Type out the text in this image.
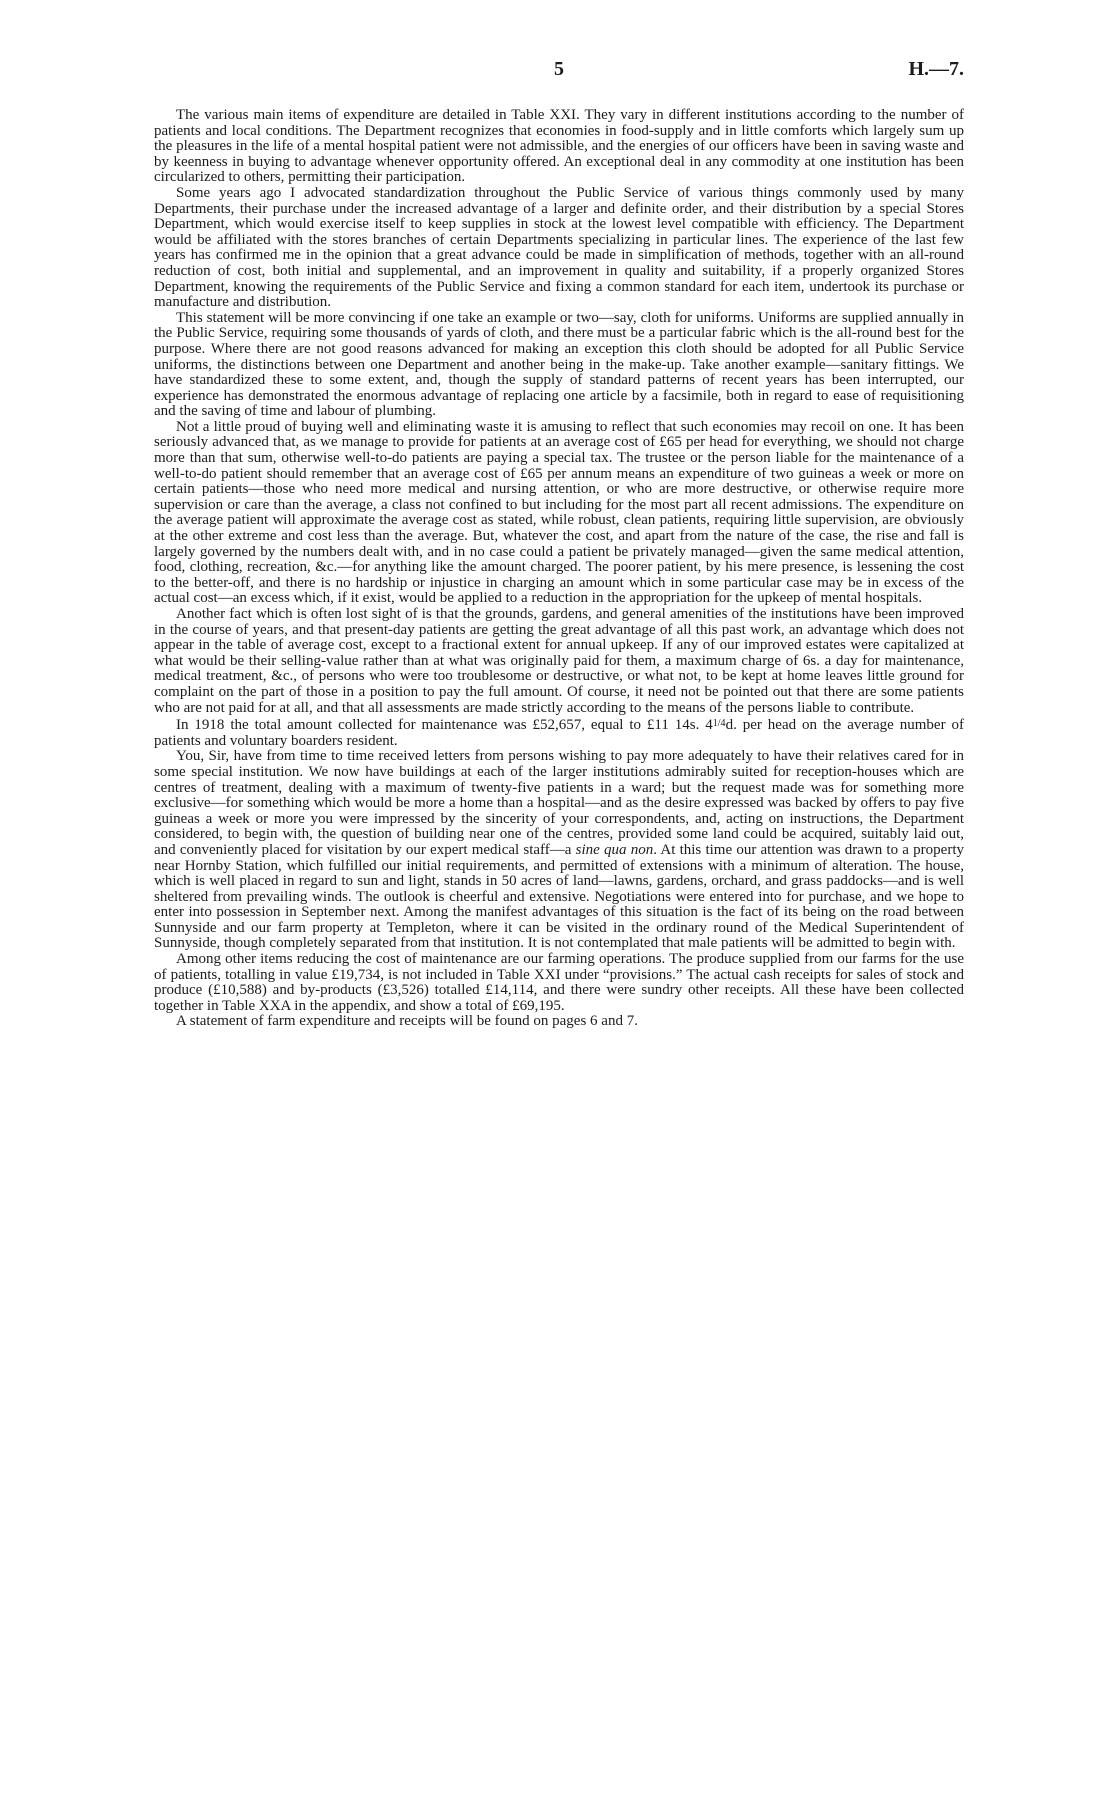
5	H.—7.

The various main items of expenditure are detailed in Table XXI. They vary in different institutions according to the number of patients and local conditions. The Department recognizes that economies in food-supply and in little comforts which largely sum up the pleasures in the life of a mental hospital patient were not admissible, and the energies of our officers have been in saving waste and by keenness in buying to advantage whenever opportunity offered. An exceptional deal in any commodity at one institution has been circularized to others, permitting their participation.

Some years ago I advocated standardization throughout the Public Service of various things commonly used by many Departments, their purchase under the increased advantage of a larger and definite order, and their distribution by a special Stores Department, which would exercise itself to keep supplies in stock at the lowest level compatible with efficiency. The Department would be affiliated with the stores branches of certain Departments specializing in particular lines. The experience of the last few years has confirmed me in the opinion that a great advance could be made in simplification of methods, together with an all-round reduction of cost, both initial and supplemental, and an improvement in quality and suitability, if a properly organized Stores Department, knowing the requirements of the Public Service and fixing a common standard for each item, undertook its purchase or manufacture and distribution.

This statement will be more convincing if one take an example or two—say, cloth for uniforms. Uniforms are supplied annually in the Public Service, requiring some thousands of yards of cloth, and there must be a particular fabric which is the all-round best for the purpose. Where there are not good reasons advanced for making an exception this cloth should be adopted for all Public Service uniforms, the distinctions between one Department and another being in the make-up. Take another example—sanitary fittings. We have standardized these to some extent, and, though the supply of standard patterns of recent years has been interrupted, our experience has demonstrated the enormous advantage of replacing one article by a facsimile, both in regard to ease of requisitioning and the saving of time and labour of plumbing.

Not a little proud of buying well and eliminating waste it is amusing to reflect that such economies may recoil on one. It has been seriously advanced that, as we manage to provide for patients at an average cost of £65 per head for everything, we should not charge more than that sum, otherwise well-to-do patients are paying a special tax. The trustee or the person liable for the maintenance of a well-to-do patient should remember that an average cost of £65 per annum means an expenditure of two guineas a week or more on certain patients—those who need more medical and nursing attention, or who are more destructive, or otherwise require more supervision or care than the average, a class not confined to but including for the most part all recent admissions. The expenditure on the average patient will approximate the average cost as stated, while robust, clean patients, requiring little supervision, are obviously at the other extreme and cost less than the average. But, whatever the cost, and apart from the nature of the case, the rise and fall is largely governed by the numbers dealt with, and in no case could a patient be privately managed—given the same medical attention, food, clothing, recreation, &c.—for anything like the amount charged. The poorer patient, by his mere presence, is lessening the cost to the better-off, and there is no hardship or injustice in charging an amount which in some particular case may be in excess of the actual cost—an excess which, if it exist, would be applied to a reduction in the appropriation for the upkeep of mental hospitals.

Another fact which is often lost sight of is that the grounds, gardens, and general amenities of the institutions have been improved in the course of years, and that present-day patients are getting the great advantage of all this past work, an advantage which does not appear in the table of average cost, except to a fractional extent for annual upkeep. If any of our improved estates were capitalized at what would be their selling-value rather than at what was originally paid for them, a maximum charge of 6s. a day for maintenance, medical treatment, &c., of persons who were too troublesome or destructive, or what not, to be kept at home leaves little ground for complaint on the part of those in a position to pay the full amount. Of course, it need not be pointed out that there are some patients who are not paid for at all, and that all assessments are made strictly according to the means of the persons liable to contribute.

In 1918 the total amount collected for maintenance was £52,657, equal to £11 14s. $4^{1/4}d$. per head on the average number of patients and voluntary boarders resident.

You, Sir, have from time to time received letters from persons wishing to pay more adequately to have their relatives cared for in some special institution. We now have buildings at each of the larger institutions admirably suited for reception-houses which are centres of treatment, dealing with a maximum of twenty-five patients in a ward; but the request made was for something more exclusive—for something which would be more a home than a hospital—and as the desire expressed was backed by offers to pay five guineas a week or more you were impressed by the sincerity of your correspondents, and, acting on instructions, the Department considered, to begin with, the question of building near one of the centres, provided some land could be acquired, suitably laid out, and conveniently placed for visitation by our expert medical staff—a sine qua non. At this time our attention was drawn to a property near Hornby Station, which fulfilled our initial requirements, and permitted of extensions with a minimum of alteration. The house, which is well placed in regard to sun and light, stands in 50 acres of land—lawns, gardens, orchard, and grass paddocks—and is well sheltered from prevailing winds. The outlook is cheerful and extensive. Negotiations were entered into for purchase, and we hope to enter into possession in September next. Among the manifest advantages of this situation is the fact of its being on the road between Sunnyside and our farm property at Templeton, where it can be visited in the ordinary round of the Medical Superintendent of Sunnyside, though completely separated from that institution. It is not contemplated that male patients will be admitted to begin with.

Among other items reducing the cost of maintenance are our farming operations. The produce supplied from our farms for the use of patients, totalling in value £19,734, is not included in Table XXI under “provisions.” The actual cash receipts for sales of stock and produce (£10,588) and by-products (£3,526) totalled £14,114, and there were sundry other receipts. All these have been collected together in Table XXA in the appendix, and show a total of £69,195.

A statement of farm expenditure and receipts will be found on pages 6 and 7.
